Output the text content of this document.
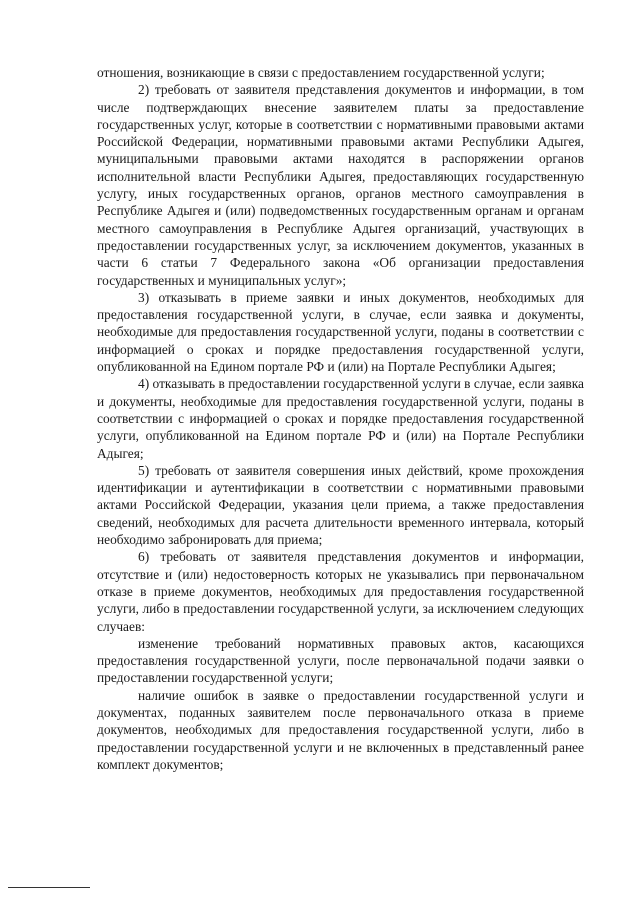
отношения, возникающие в связи с предоставлением государственной услуги;

2) требовать от заявителя представления документов и информации, в том числе подтверждающих внесение заявителем платы за предоставление государственных услуг, которые в соответствии с нормативными правовыми актами Российской Федерации, нормативными правовыми актами Республики Адыгея, муниципальными правовыми актами находятся в распоряжении органов исполнительной власти Республики Адыгея, предоставляющих государственную услугу, иных государственных органов, органов местного самоуправления в Республике Адыгея и (или) подведомственных государственным органам и органам местного самоуправления в Республике Адыгея организаций, участвующих в предоставлении государственных услуг, за исключением документов, указанных в части 6 статьи 7 Федерального закона «Об организации предоставления государственных и муниципальных услуг»;

3) отказывать в приеме заявки и иных документов, необходимых для предоставления государственной услуги, в случае, если заявка и документы, необходимые для предоставления государственной услуги, поданы в соответствии с информацией о сроках и порядке предоставления государственной услуги, опубликованной на Едином портале РФ и (или) на Портале Республики Адыгея;

4) отказывать в предоставлении государственной услуги в случае, если заявка и документы, необходимые для предоставления государственной услуги, поданы в соответствии с информацией о сроках и порядке предоставления государственной услуги, опубликованной на Едином портале РФ и (или) на Портале Республики Адыгея;

5) требовать от заявителя совершения иных действий, кроме прохождения идентификации и аутентификации в соответствии с нормативными правовыми актами Российской Федерации, указания цели приема, а также предоставления сведений, необходимых для расчета длительности временного интервала, который необходимо забронировать для приема;

6) требовать от заявителя представления документов и информации, отсутствие и (или) недостоверность которых не указывались при первоначальном отказе в приеме документов, необходимых для предоставления государственной услуги, либо в предоставлении государственной услуги, за исключением следующих случаев:

изменение требований нормативных правовых актов, касающихся предоставления государственной услуги, после первоначальной подачи заявки о предоставлении государственной услуги;

наличие ошибок в заявке о предоставлении государственной услуги и документах, поданных заявителем после первоначального отказа в приеме документов, необходимых для предоставления государственной услуги, либо в предоставлении государственной услуги и не включенных в представленный ранее комплект документов;
